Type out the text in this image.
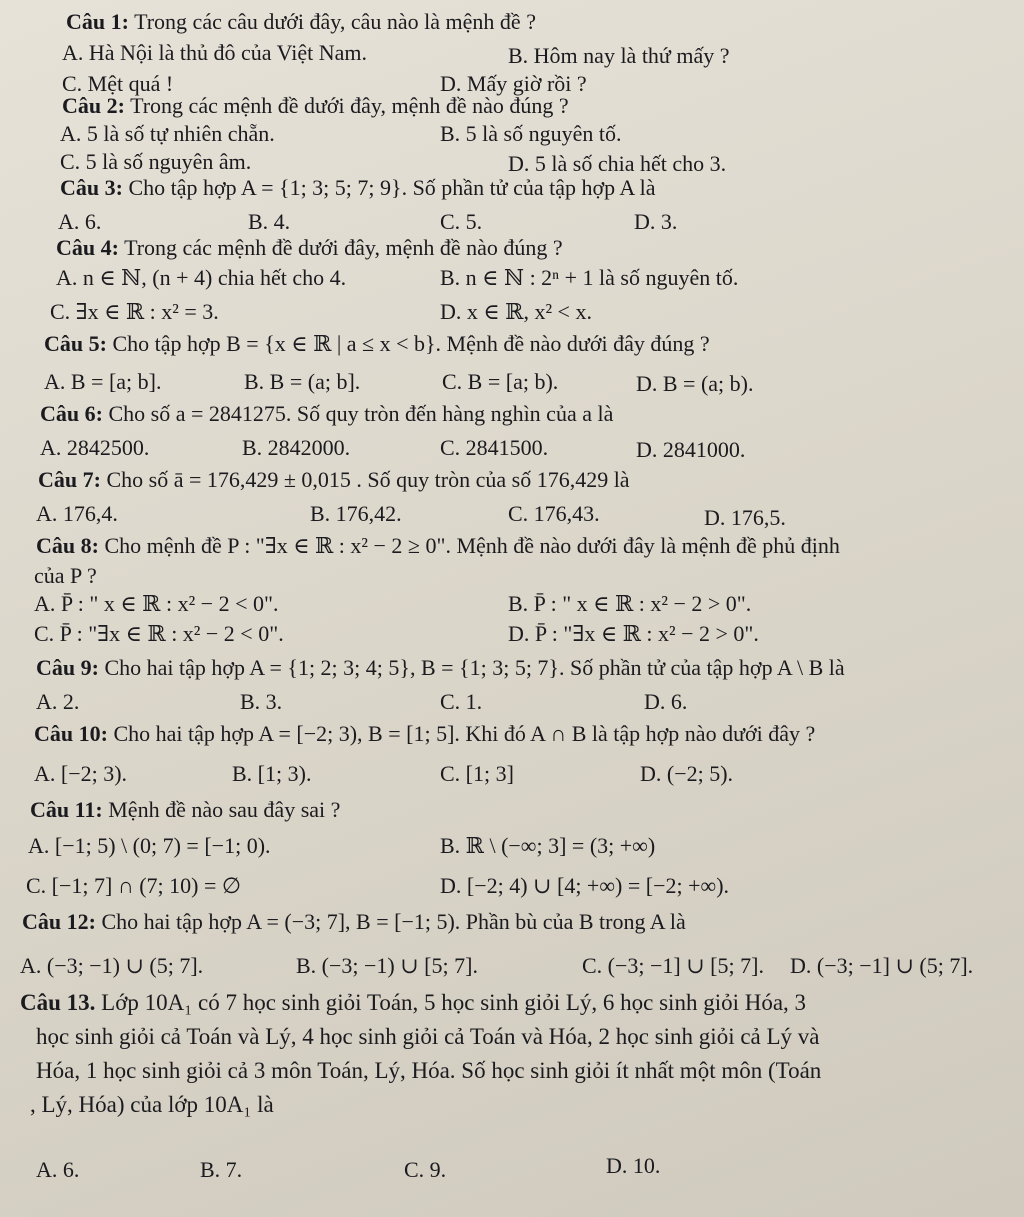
Câu 1: Trong các câu dưới đây, câu nào là mệnh đề ?
A. Hà Nội là thủ đô của Việt Nam.	B. Hôm nay là thứ mấy ?
C. Mệt quá !	D. Mấy giờ rồi ?
Câu 2: Trong các mệnh đề dưới đây, mệnh đề nào đúng ?
A. 5 là số tự nhiên chẵn.	B. 5 là số nguyên tố.
C. 5 là số nguyên âm.	D. 5 là số chia hết cho 3.
Câu 3: Cho tập hợp A = {1; 3; 5; 7; 9}. Số phần tử của tập hợp A là
A. 6.	B. 4.	C. 5.	D. 3.
Câu 4: Trong các mệnh đề dưới đây, mệnh đề nào đúng ?
A. n ∈ ℕ, (n + 4) chia hết cho 4.	B. n ∈ ℕ : 2ⁿ + 1 là số nguyên tố.
C. ∃x ∈ ℝ : x² = 3.	D. x ∈ ℝ, x² < x.
Câu 5: Cho tập hợp B = {x ∈ ℝ | a ≤ x < b}. Mệnh đề nào dưới đây đúng ?
A. B = [a; b].	B. B = (a; b].	C. B = [a; b).	D. B = (a; b).
Câu 6: Cho số a = 2841275. Số quy tròn đến hàng nghìn của a là
A. 2842500.	B. 2842000.	C. 2841500.	D. 2841000.
Câu 7: Cho số ā = 176,429 ± 0,015 . Số quy tròn của số 176,429 là
A. 176,4.	B. 176,42.	C. 176,43.	D. 176,5.
Câu 8: Cho mệnh đề P : "∃x ∈ ℝ : x² − 2 ≥ 0". Mệnh đề nào dưới đây là mệnh đề phủ định
của P ?
A. P̄ : " x ∈ ℝ : x² − 2 < 0".	B. P̄ : " x ∈ ℝ : x² − 2 > 0".
C. P̄ : "∃x ∈ ℝ : x² − 2 < 0".	D. P̄ : "∃x ∈ ℝ : x² − 2 > 0".
Câu 9: Cho hai tập hợp A = {1; 2; 3; 4; 5}, B = {1; 3; 5; 7}. Số phần tử của tập hợp A \ B là
A. 2.	B. 3.	C. 1.	D. 6.
Câu 10: Cho hai tập hợp A = [−2; 3), B = [1; 5]. Khi đó A ∩ B là tập hợp nào dưới đây ?
A. [−2; 3).	B. [1; 3).	C. [1; 3]	D. (−2; 5).
Câu 11: Mệnh đề nào sau đây sai ?
A. [−1; 5) \ (0; 7) = [−1; 0).	B. ℝ \ (−∞; 3] = (3; +∞)
C. [−1; 7] ∩ (7; 10) = ∅	D. [−2; 4) ∪ [4; +∞) = [−2; +∞).
Câu 12: Cho hai tập hợp A = (−3; 7], B = [−1; 5). Phần bù của B trong A là
A. (−3; −1) ∪ (5; 7].	B. (−3; −1) ∪ [5; 7].	C. (−3; −1] ∪ [5; 7]. D. (−3; −1] ∪ (5; 7].
Câu 13. Lớp 10A₁ có 7 học sinh giỏi Toán, 5 học sinh giỏi Lý, 6 học sinh giỏi Hóa, 3
học sinh giỏi cả Toán và Lý, 4 học sinh giỏi cả Toán và Hóa, 2 học sinh giỏi cả Lý và
Hóa, 1 học sinh giỏi cả 3 môn Toán, Lý, Hóa. Số học sinh giỏi ít nhất một môn (Toán
, Lý, Hóa) của lớp 10A₁ là
A. 6.	B. 7.	C. 9.	D. 10.
